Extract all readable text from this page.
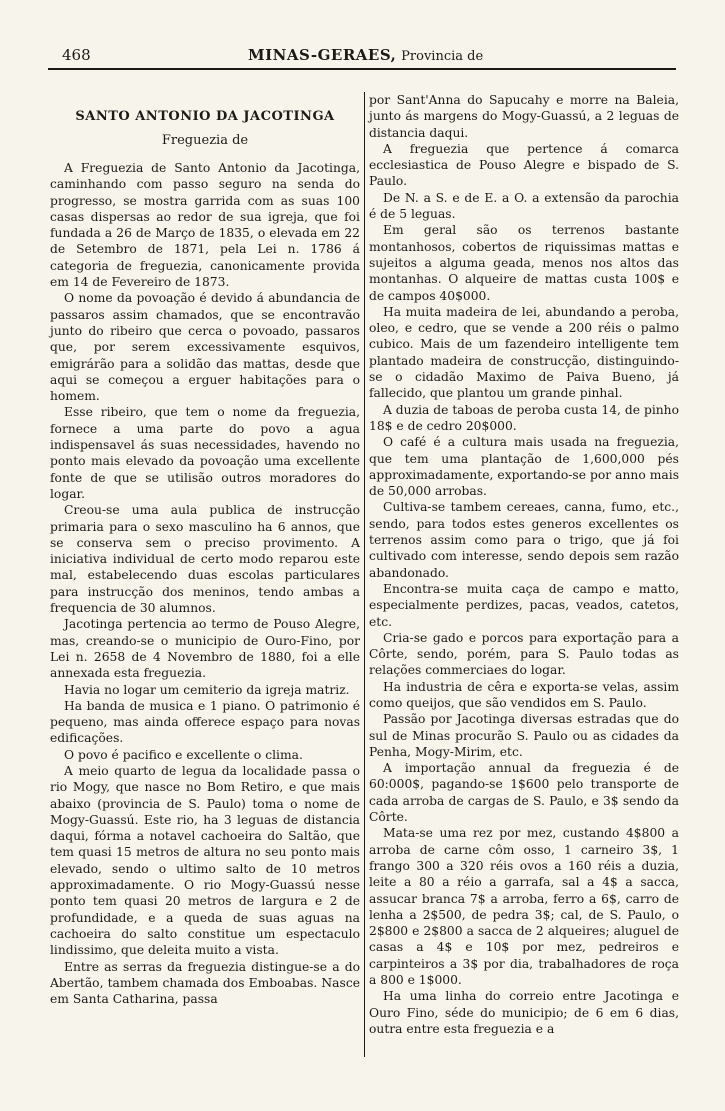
468	MINAS-GERAES, Provincia de
SANTO ANTONIO DA JACOTINGA
Freguezia de

A Freguezia de Santo Antonio da Jacotinga, caminhando com passo seguro na senda do progresso, se mostra garrida com as suas 100 casas dispersas ao redor de sua igreja, que foi fundada a 26 de Março de 1835, o elevada em 22 de Setembro de 1871, pela Lei n. 1786 á categoria de freguezia, canonicamente provida em 14 de Fevereiro de 1873.

O nome da povoação é devido á abundancia de passaros assim chamados, que se encontravão junto do ribeiro que cerca o povoado, passaros que, por serem excessivamente esquivos, emigrárão para a solidão das mattas, desde que aqui se começou a erguer habitações para o homem.

Esse ribeiro, que tem o nome da freguezia, fornece a uma parte do povo a agua indispensavel ás suas necessidades, havendo no ponto mais elevado da povoação uma excellente fonte de que se utilisão outros moradores do logar.

Creou-se uma aula publica de instrucção primaria para o sexo masculino ha 6 annos, que se conserva sem o preciso provimento. A iniciativa individual de certo modo reparou este mal, estabelecendo duas escolas particulares para instrucção dos meninos, tendo ambas a frequencia de 30 alumnos.

Jacotinga pertencia ao termo de Pouso Alegre, mas, creando-se o municipio de Ouro-Fino, por Lei n. 2658 de 4 Novembro de 1880, foi a elle annexada esta freguezia.

Havia no logar um cemiterio da igreja matriz.

Ha banda de musica e 1 piano. O patrimonio é pequeno, mas ainda offerece espaço para novas edificações.

O povo é pacifico e excellente o clima.

A meio quarto de legua da localidade passa o rio Mogy, que nasce no Bom Retiro, e que mais abaixo (provincia de S. Paulo) toma o nome de Mogy-Guassú. Este rio, ha 3 leguas de distancia daqui, fórma a notavel cachoeira do Saltão, que tem quasi 15 metros de altura no seu ponto mais elevado, sendo o ultimo salto de 10 metros approximadamente. O rio Mogy-Guassú nesse ponto tem quasi 20 metros de largura e 2 de profundidade, e a queda de suas aguas na cachoeira do salto constitue um espectaculo lindissimo, que deleita muito a vista.

Entre as serras da freguezia distingue-se a do Abertão, tambem chamada dos Emboabas. Nasce em Santa Catharina, passa

por Sant'Anna do Sapucahy e morre na Baleia, junto ás margens do Mogy-Guassú, a 2 leguas de distancia daqui.

A freguezia que pertence á comarca ecclesiastica de Pouso Alegre e bispado de S. Paulo.

De N. a S. e de E. a O. a extensão da parochia é de 5 leguas.

Em geral são os terrenos bastante montanhosos, cobertos de riquissimas mattas e sujeitos a alguma geada, menos nos altos das montanhas. O alqueire de mattas custa 100$ e de campos 40$000.

Ha muita madeira de lei, abundando a peroba, oleo, e cedro, que se vende a 200 réis o palmo cubico. Mais de um fazendeiro intelligente tem plantado madeira de construcção, distinguindo-se o cidadão Maximo de Paiva Bueno, já fallecido, que plantou um grande pinhal.

A duzia de taboas de peroba custa 14, de pinho 18$ e de cedro 20$000.

O café é a cultura mais usada na freguezia, que tem uma plantação de 1,600,000 pés approximadamente, exportando-se por anno mais de 50,000 arrobas.

Cultiva-se tambem cereaes, canna, fumo, etc., sendo, para todos estes generos excellentes os terrenos assim como para o trigo, que já foi cultivado com interesse, sendo depois sem razão abandonado.

Encontra-se muita caça de campo e matto, especialmente perdizes, pacas, veados, catetos, etc.

Cria-se gado e porcos para exportação para a Côrte, sendo, porém, para S. Paulo todas as relações commerciaes do logar.

Ha industria de cêra e exporta-se velas, assim como queijos, que são vendidos em S. Paulo.

Passão por Jacotinga diversas estradas que do sul de Minas procurão S. Paulo ou as cidades da Penha, Mogy-Mirim, etc.

A importação annual da freguezia é de 60:000$, pagando-se 1$600 pelo transporte de cada arroba de cargas de S. Paulo, e 3$ sendo da Côrte.

Mata-se uma rez por mez, custando 4$800 a arroba de carne côm osso, 1 carneiro 3$, 1 frango 300 a 320 réis ovos a 160 réis a duzia, leite a 80 a réio a garrafa, sal a 4$ a sacca, assucar branca 7$ a arroba, ferro a 6$, carro de lenha a 2$500, de pedra 3$; cal, de S. Paulo, o 2$800 e 2$800 a sacca de 2 alqueires; aluguel de casas a 4$ e 10$ por mez, pedreiros e carpinteiros a 3$ por dia, trabalhadores de roça a 800 e 1$000.

Ha uma linha do correio entre Jacotinga e Ouro Fino, séde do municipio; de 6 em 6 dias, outra entre esta freguezia e a
